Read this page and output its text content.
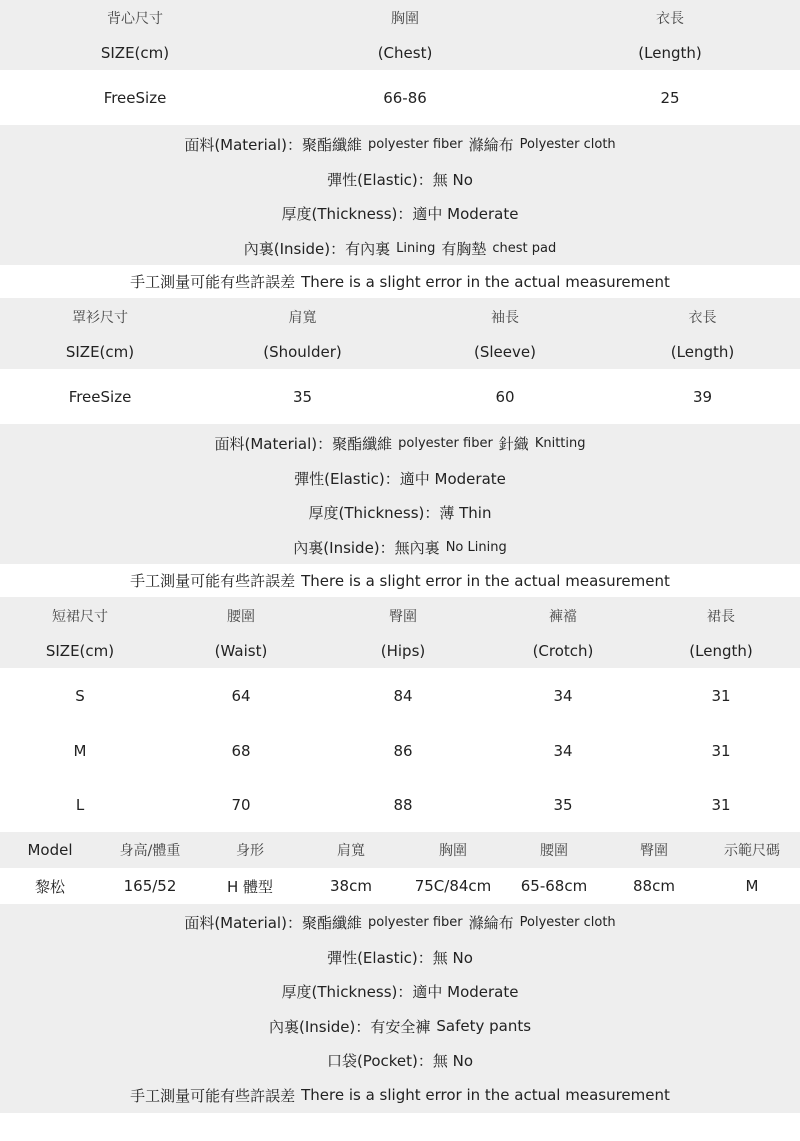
背心尺寸	胸圍	衣長
SIZE(cm)	(Chest)	(Length)
FreeSize	66-86	25
面料(Material)： 聚酯纖維 polyester fiber 滌綸布 Polyester cloth
彈性(Elastic)： 無 No
厚度(Thickness)： 適中 Moderate
內裏(Inside)： 有內裏 Lining 有胸墊 chest pad
手工測量可能有些許誤差 There is a slight error in the actual measurement
罩衫尺寸	肩寬	袖長	衣長
SIZE(cm)	(Shoulder)	(Sleeve)	(Length)
FreeSize	35	60	39
面料(Material)： 聚酯纖維 polyester fiber 針織 Knitting
彈性(Elastic)： 適中 Moderate
厚度(Thickness)： 薄 Thin
內裏(Inside)： 無內裏 No Lining
手工測量可能有些許誤差 There is a slight error in the actual measurement
短裙尺寸	腰圍	臀圍	褲襠	裙長
SIZE(cm)	(Waist)	(Hips)	(Crotch)	(Length)
S	64	84	34	31
M	68	86	34	31
L	70	88	35	31
Model	身高/體重	身形	肩寬	胸圍	腰圍	臀圍	示範尺碼
黎松	165/52	H 體型	38cm	75C/84cm	65-68cm	88cm	M
面料(Material)： 聚酯纖維 polyester fiber 滌綸布 Polyester cloth
彈性(Elastic)： 無 No
厚度(Thickness)： 適中 Moderate
內裏(Inside)： 有安全褲 Safety pants
口袋(Pocket)： 無 No
手工測量可能有些許誤差 There is a slight error in the actual measurement
